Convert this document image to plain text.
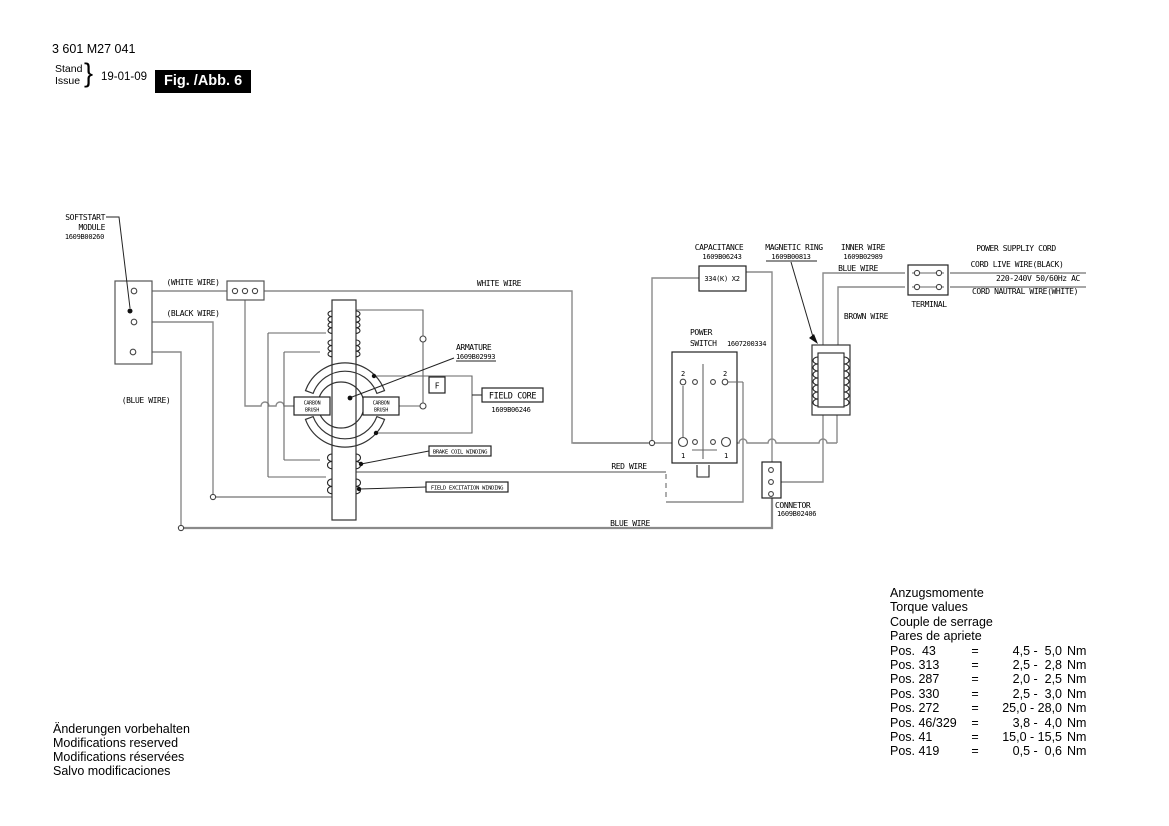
3 601 M27 041
Stand
Issue } 19-01-09	Fig. /Abb. 6
SOFTSTART
MODULE
1609B00260
(WHITE WIRE)
(BLACK WIRE)
(BLUE WIRE)
WHITE WIRE
RED WIRE
BLUE WIRE
BLUE WIRE
BROWN WIRE
CARBON
BRUSH
CARBON
BRUSH
ARMATURE
1609B02993
F
FIELD CORE
1609B06246
BRAKE COIL WINDING
FIELD EXCITATION WINDING
CAPACITANCE
1609B06243
334(K) X2
MAGNETIC RING
1609B00813
INNER WIRE
1609B02989
POWER
SWITCH 1607200334
2	2
1	1
CONNETOR
1609B02406
TERMINAL
POWER SUPPLIY CORD
CORD LIVE WIRE(BLACK)
220-240V 50/60Hz AC
CORD NAUTRAL WIRE(WHITE)
Anzugsmomente
Torque values
Couple de serrage
Pares de apriete
Pos.  43	=	4,5 -  5,0 Nm
Pos. 313	=	2,5 -  2,8 Nm
Pos. 287	=	2,0 -  2,5 Nm
Pos. 330	=	2,5 -  3,0 Nm
Pos. 272	=	25,0 - 28,0 Nm
Pos. 46/329	=	3,8 -  4,0 Nm
Pos. 41	=	15,0 - 15,5 Nm
Pos. 419	=	0,5 -  0,6 Nm
Änderungen vorbehalten
Modifications reserved
Modifications réservées
Salvo modificaciones
